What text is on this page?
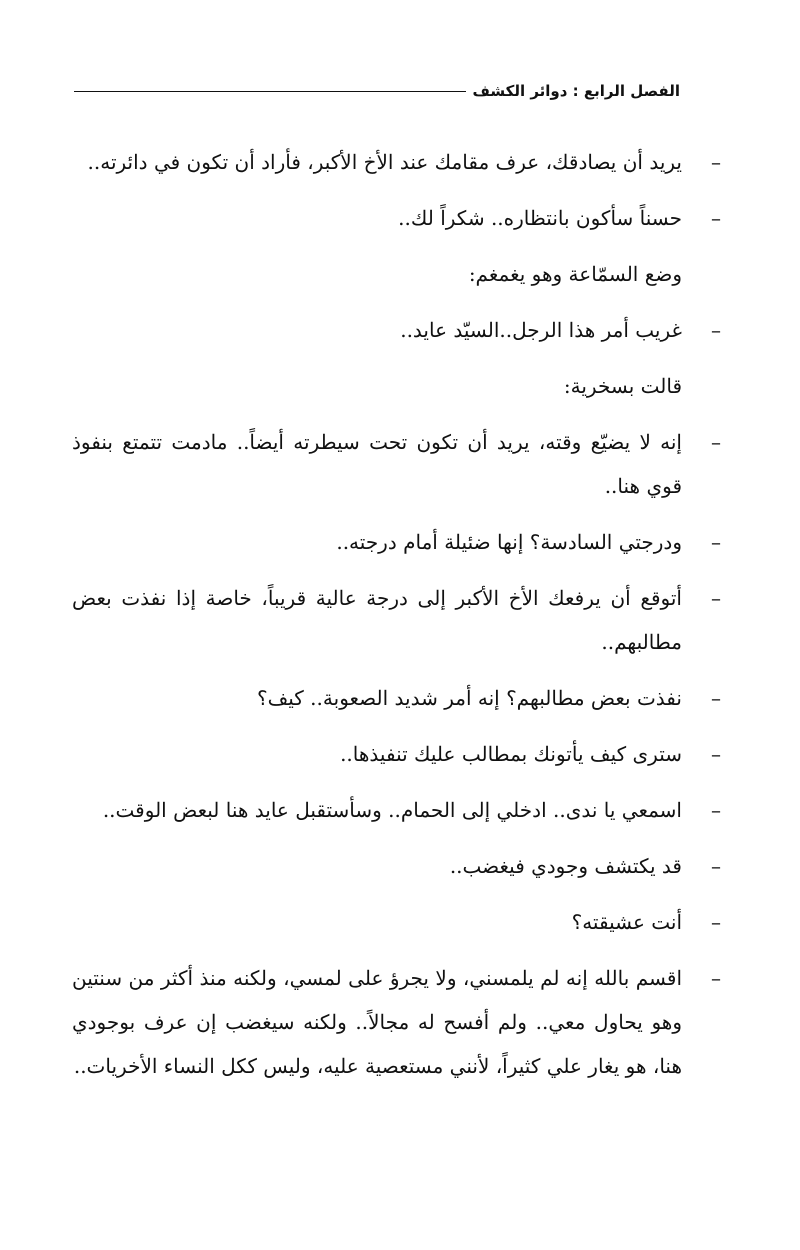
الفصل الرابع : دوائر الكشف

–
يريد أن يصادقك، عرف مقامك عند الأخ الأكبر، فأراد أن تكون في دائرته..

–
حسناً سأكون بانتظاره.. شكراً لك..

وضع السمّاعة وهو يغمغم:

–
غريب أمر هذا الرجل..السيّد عايد..

قالت بسخرية:

–
إنه لا يضيّع وقته، يريد أن تكون تحت سيطرته أيضاً.. مادمت تتمتع بنفوذ قوي هنا..

–
ودرجتي السادسة؟ إنها ضئيلة أمام درجته..

–
أتوقع أن يرفعك الأخ الأكبر إلى درجة عالية قريباً، خاصة إذا نفذت بعض مطالبهم..

–
نفذت بعض مطالبهم؟ إنه أمر شديد الصعوبة.. كيف؟

–
سترى كيف يأتونك بمطالب عليك تنفيذها..

–
اسمعي يا ندى.. ادخلي إلى الحمام.. وسأستقبل عايد هنا لبعض الوقت..

–
قد يكتشف وجودي فيغضب..

–
أنت عشيقته؟

–
اقسم بالله إنه لم يلمسني، ولا يجرؤ على لمسي، ولكنه منذ أكثر من سنتين وهو يحاول معي.. ولم أفسح له مجالاً.. ولكنه سيغضب إن عرف بوجودي هنا، هو يغار علي كثيراً، لأنني مستعصية عليه، وليس ككل النساء الأخريات..
